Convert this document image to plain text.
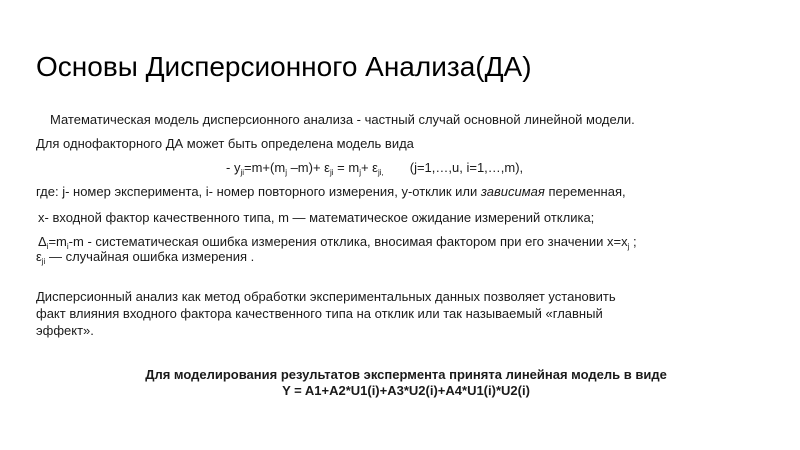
Основы Дисперсионного Анализа(ДА)
Математическая модель дисперсионного анализа - частный случай основной линейной модели.
Для однофакторного ДА может быть определена модель вида
- $y_{ji}=m+(m_j$ $-m)+ \varepsilon_{ji} = m_j+ \varepsilon_{ji,}$ (j=1,…,u, i=1,…,m),
где: j- номер эксперимента, i- номер повторного измерения, y-отклик или зависимая переменная,
x- входной фактор качественного типа, m — математическое ожидание измерений отклика;
$\Delta_i=m_i-m$ - систематическая ошибка измерения отклика, вносимая фактором при его значении $x=x_j$ ;
$\varepsilon_{ji}$ — случайная ошибка измерения .
Дисперсионный анализ как метод обработки экспериментальных данных позволяет установить
факт влияния входного фактора качественного типа на отклик или так называемый «главный
эффект».
Для моделирования результатов эксперментa принята линейная модель в виде
Y = A1+A2*U1(i)+A3*U2(i)+A4*U1(i)*U2(i)
